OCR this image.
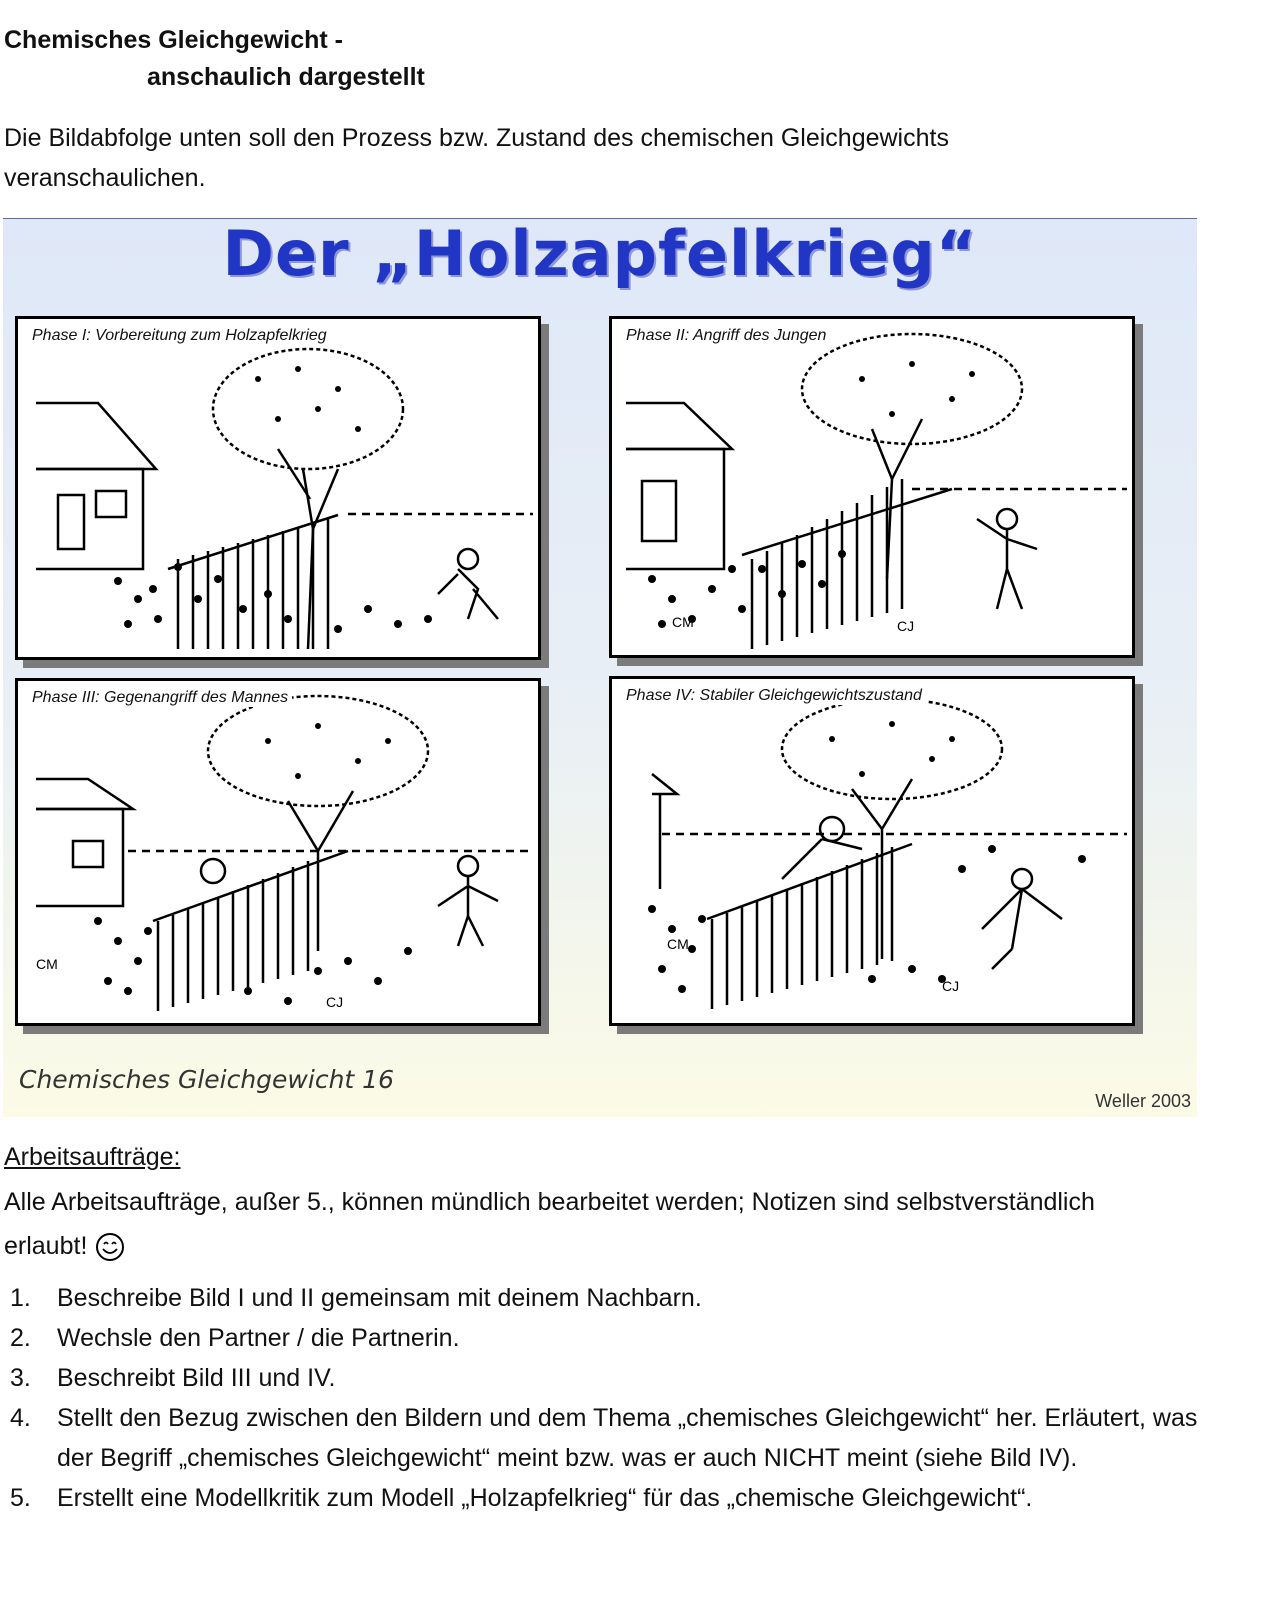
Chemisches Gleichgewicht -
anschaulich dargestellt
Die Bildabfolge unten soll den Prozess bzw. Zustand des chemischen Gleichgewichts veranschaulichen.
Der „Holzapfelkrieg“
Phase I: Vorbereitung zum Holzapfelkrieg
CM	CJ
Phase II: Angriff des Jungen
CM
CJ
Phase III: Gegenangriff des Mannes
CM
CJ
Phase IV: Stabiler Gleichgewichtszustand
Chemisches Gleichgewicht 16
Weller 2003
Arbeitsaufträge:
Alle Arbeitsaufträge, außer 5., können mündlich bearbeitet werden; Notizen sind selbstverständlich erlaubt!
1. Beschreibe Bild I und II gemeinsam mit deinem Nachbarn.
2. Wechsle den Partner / die Partnerin.
3. Beschreibt Bild III und IV.
4. Stellt den Bezug zwischen den Bildern und dem Thema „chemisches Gleichgewicht“ her. Erläutert, was der Begriff „chemisches Gleichgewicht“ meint bzw. was er auch NICHT meint (siehe Bild IV).
5. Erstellt eine Modellkritik zum Modell „Holzapfelkrieg“ für das „chemische Gleichgewicht“.
